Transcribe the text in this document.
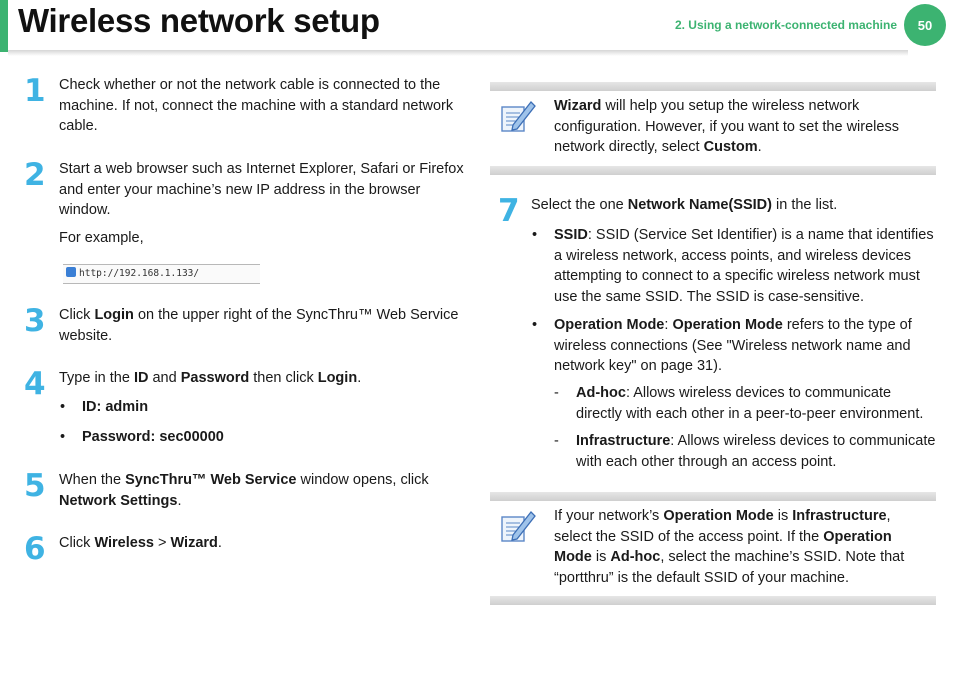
Wireless network setup	2. Using a network-connected machine	50
1 Check whether or not the network cable is connected to the machine. If not, connect the machine with a standard network cable.
2 Start a web browser such as Internet Explorer, Safari or Firefox and enter your machine’s new IP address in the browser window.
For example,
http://192.168.1.133/
3 Click Login on the upper right of the SyncThru™ Web Service website.
4 Type in the ID and Password then click Login.
• ID: admin
• Password: sec00000
5 When the SyncThru™ Web Service window opens, click Network Settings.
6 Click Wireless > Wizard.
Wizard will help you setup the wireless network configuration. However, if you want to set the wireless network directly, select Custom.
7 Select the one Network Name(SSID) in the list.
• SSID: SSID (Service Set Identifier) is a name that identifies a wireless network, access points, and wireless devices attempting to connect to a specific wireless network must use the same SSID. The SSID is case-sensitive.
• Operation Mode: Operation Mode refers to the type of wireless connections (See "Wireless network name and network key" on page 31).
- Ad-hoc: Allows wireless devices to communicate directly with each other in a peer-to-peer environment.
- Infrastructure: Allows wireless devices to communicate with each other through an access point.
If your network’s Operation Mode is Infrastructure, select the SSID of the access point. If the Operation Mode is Ad-hoc, select the machine’s SSID. Note that “portthru” is the default SSID of your machine.
